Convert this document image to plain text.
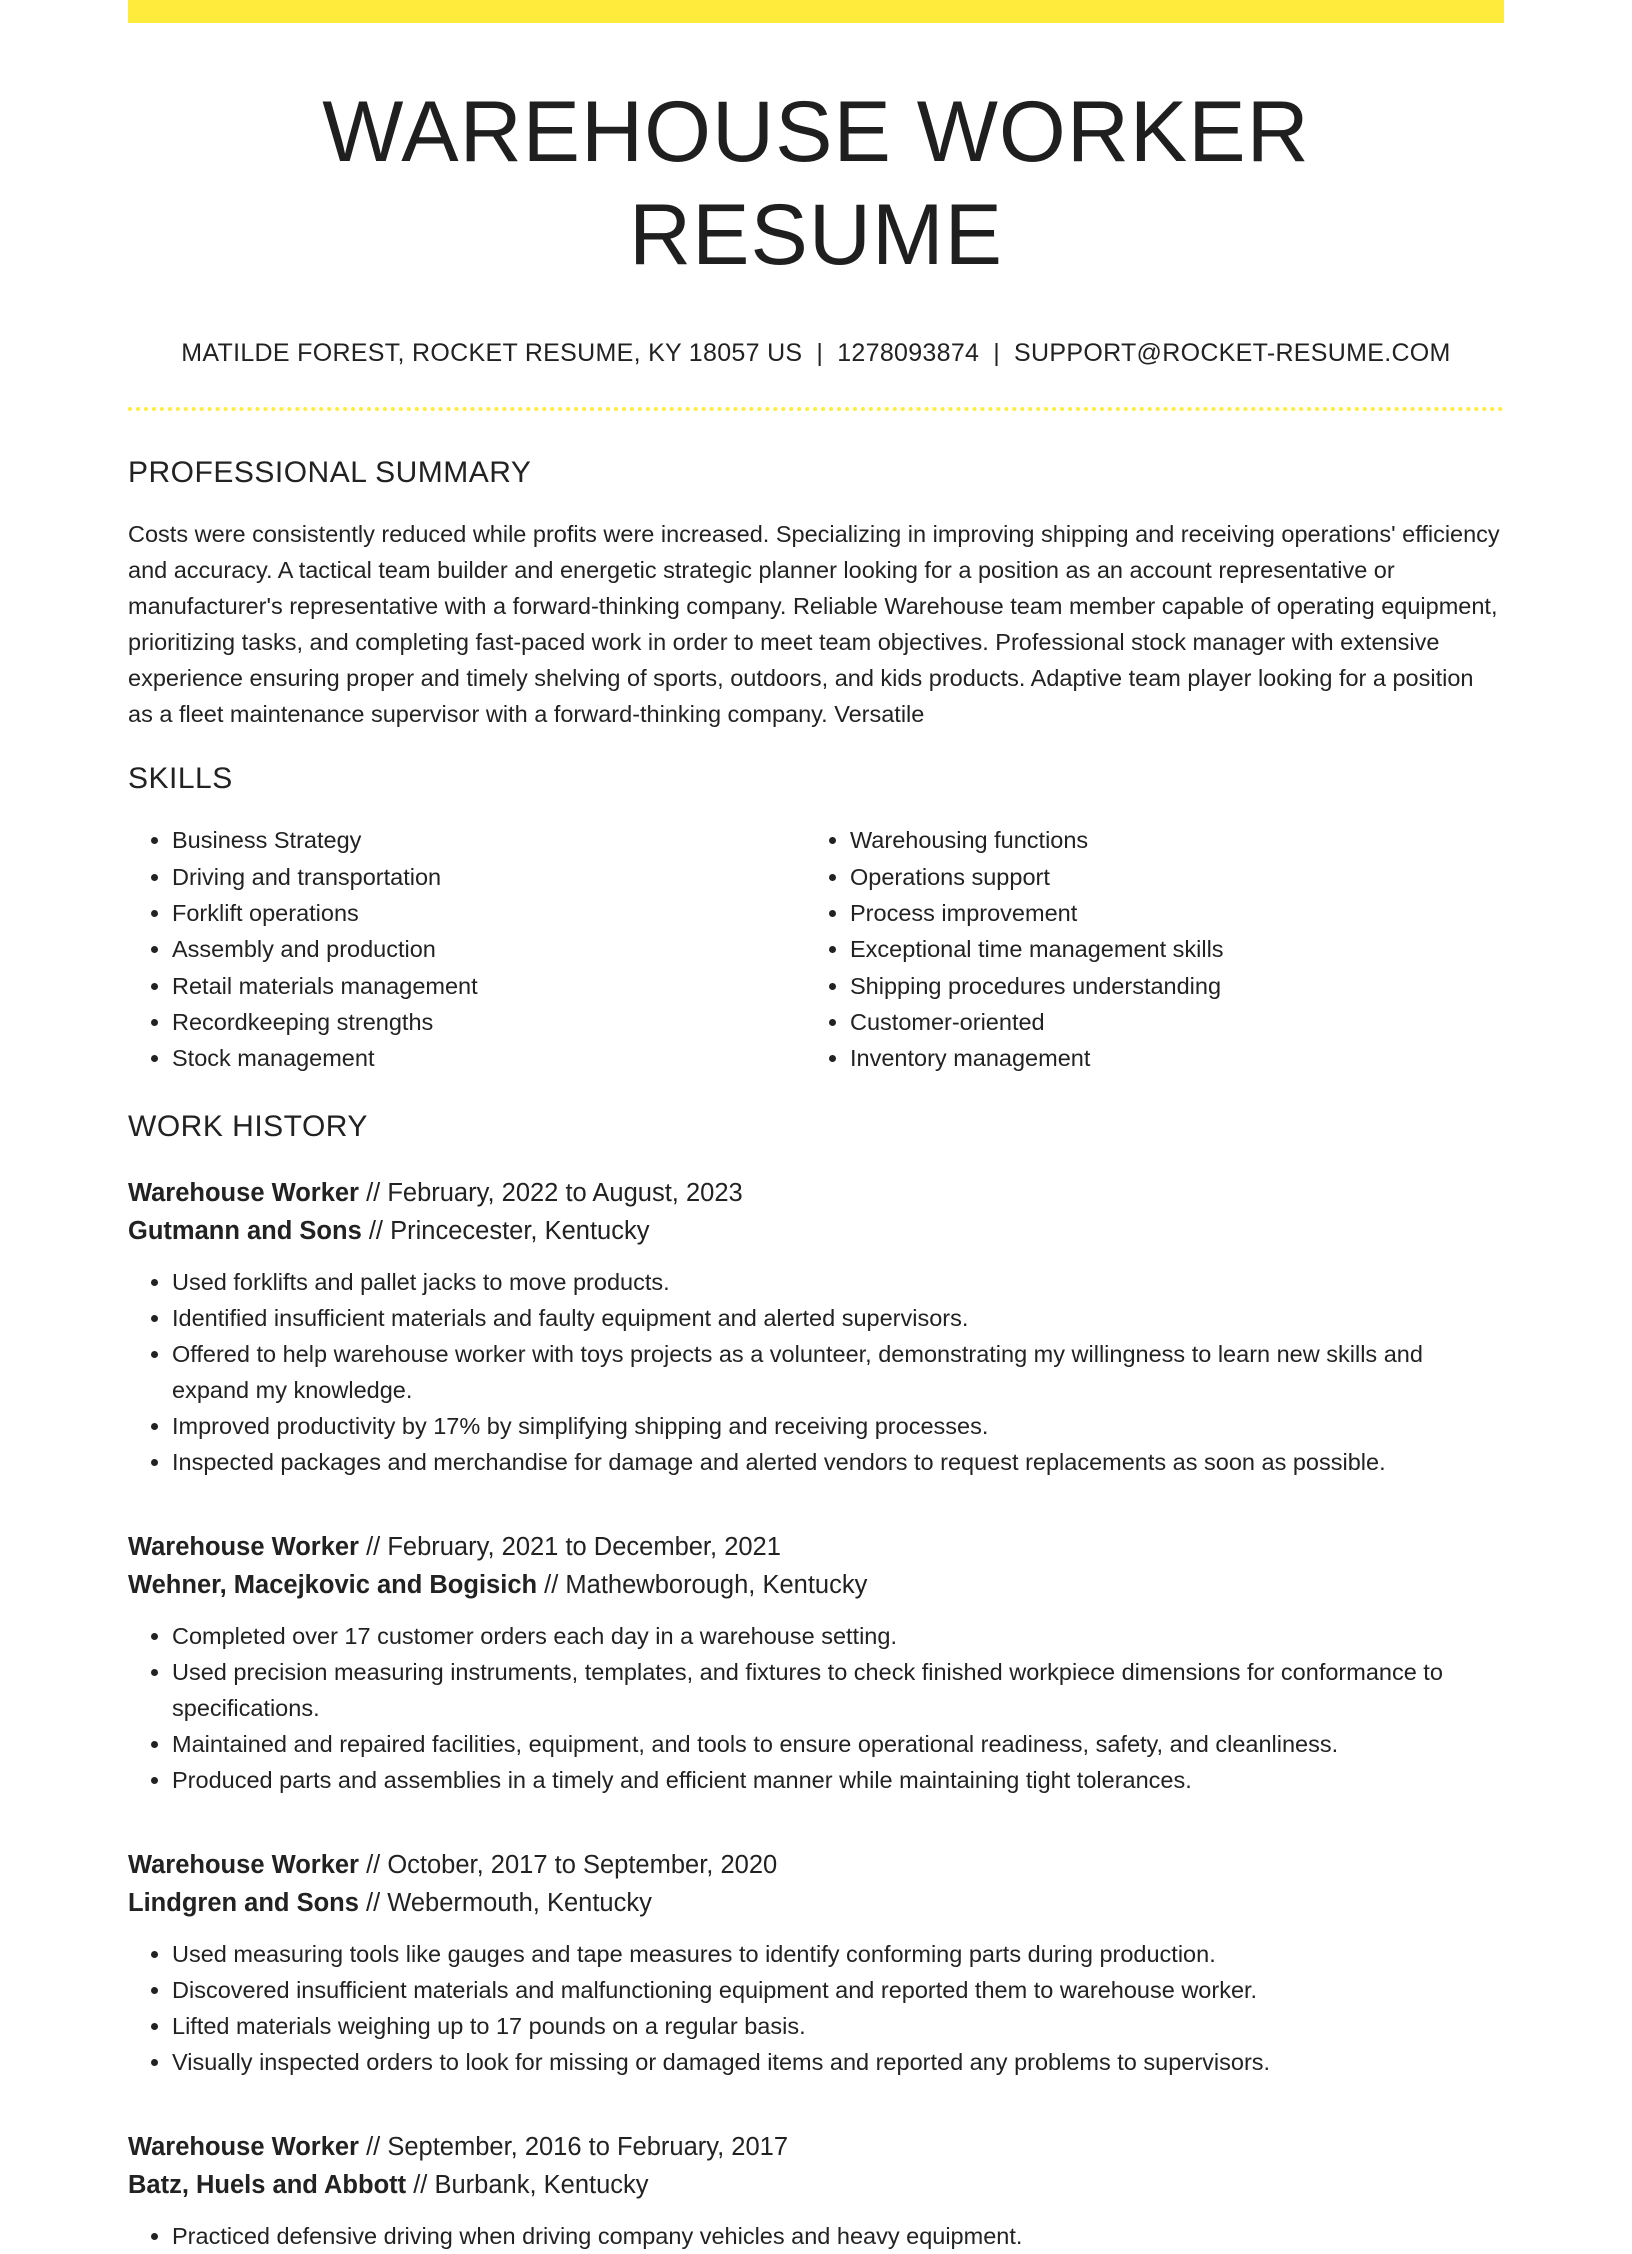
WAREHOUSE WORKER RESUME
MATILDE FOREST, ROCKET RESUME, KY 18057 US | 1278093874 | SUPPORT@ROCKET-RESUME.COM
PROFESSIONAL SUMMARY

Costs were consistently reduced while profits were increased. Specializing in improving shipping and receiving operations' efficiency and accuracy. A tactical team builder and energetic strategic planner looking for a position as an account representative or manufacturer's representative with a forward-thinking company. Reliable Warehouse team member capable of operating equipment, prioritizing tasks, and completing fast-paced work in order to meet team objectives. Professional stock manager with extensive experience ensuring proper and timely shelving of sports, outdoors, and kids products. Adaptive team player looking for a position as a fleet maintenance supervisor with a forward-thinking company. Versatile

SKILLS
• Business Strategy
• Driving and transportation
• Forklift operations
• Assembly and production
• Retail materials management
• Recordkeeping strengths
• Stock management
• Warehousing functions
• Operations support
• Process improvement
• Exceptional time management skills
• Shipping procedures understanding
• Customer-oriented
• Inventory management
WORK HISTORY
Warehouse Worker // February, 2022 to August, 2023
Gutmann and Sons // Princecester, Kentucky
• Used forklifts and pallet jacks to move products.
• Identified insufficient materials and faulty equipment and alerted supervisors.
• Offered to help warehouse worker with toys projects as a volunteer, demonstrating my willingness to learn new skills and expand my knowledge.
• Improved productivity by 17% by simplifying shipping and receiving processes.
• Inspected packages and merchandise for damage and alerted vendors to request replacements as soon as possible.
Warehouse Worker // February, 2021 to December, 2021
Wehner, Macejkovic and Bogisich // Mathewborough, Kentucky
• Completed over 17 customer orders each day in a warehouse setting.
• Used precision measuring instruments, templates, and fixtures to check finished workpiece dimensions for conformance to specifications.
• Maintained and repaired facilities, equipment, and tools to ensure operational readiness, safety, and cleanliness.
• Produced parts and assemblies in a timely and efficient manner while maintaining tight tolerances.
Warehouse Worker // October, 2017 to September, 2020
Lindgren and Sons // Webermouth, Kentucky
• Used measuring tools like gauges and tape measures to identify conforming parts during production.
• Discovered insufficient materials and malfunctioning equipment and reported them to warehouse worker.
• Lifted materials weighing up to 17 pounds on a regular basis.
• Visually inspected orders to look for missing or damaged items and reported any problems to supervisors.
Warehouse Worker // September, 2016 to February, 2017
Batz, Huels and Abbott // Burbank, Kentucky
• Practiced defensive driving when driving company vehicles and heavy equipment.
